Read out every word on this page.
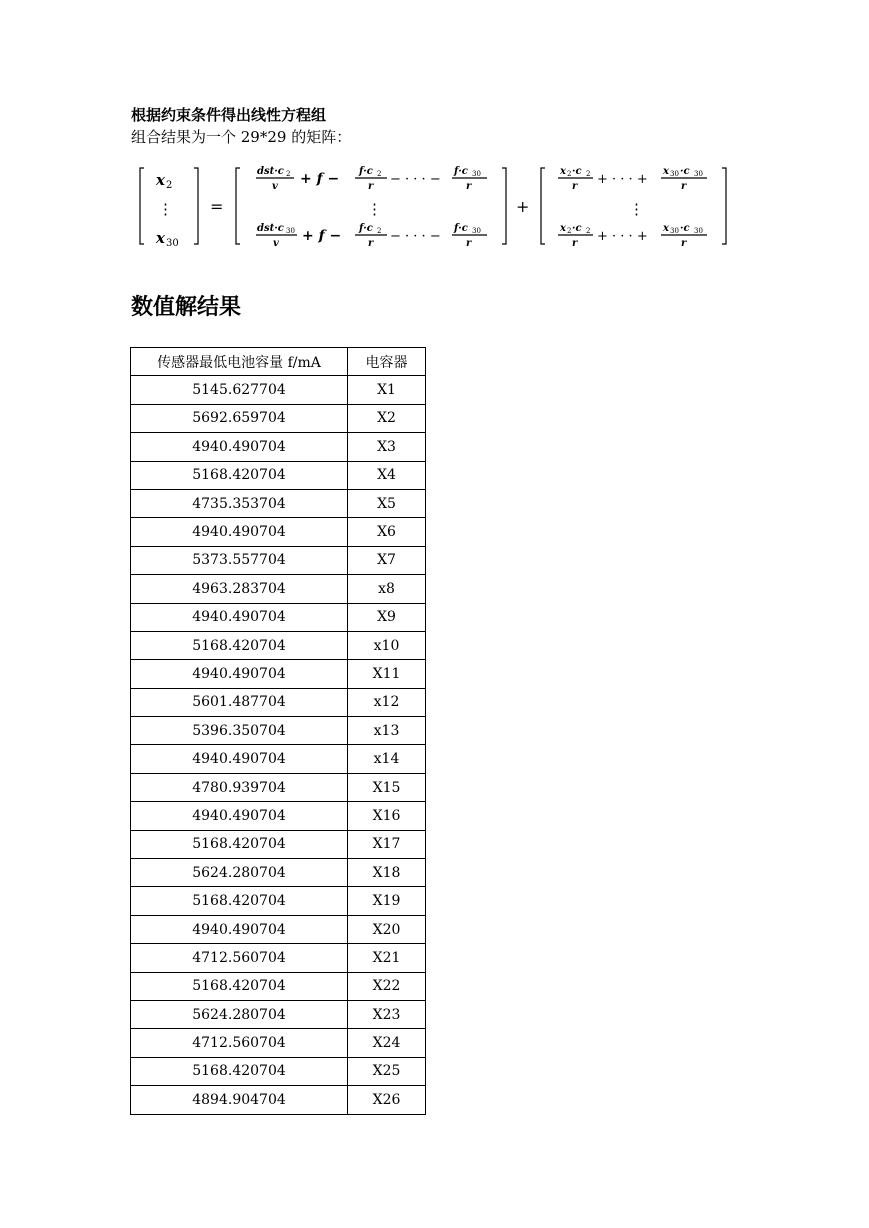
根据约束条件得出线性方程组
组合结果为一个 29*29 的矩阵：
x 2
⋮
x 30
=
dst·c 2
v + f − f·c 2
r − · · · −
f·c 30
r
⋮
dst·c 30
v + f − f·c 2
r − · · · −
f·c 30
r
+
x 2 ·c 2
r + · · · +
x 30 ·c 30
r
⋮
x 2 ·c 2
r + · · · +
x 30 ·c 30
r
数值解结果
传感器最低电池容量 f/mA	电容器
5145.627704	X1
5692.659704	X2
4940.490704	X3
5168.420704	X4
4735.353704	X5
4940.490704	X6
5373.557704	X7
4963.283704	x8
4940.490704	X9
5168.420704	x10
4940.490704	X11
5601.487704	x12
5396.350704	x13
4940.490704	x14
4780.939704	X15
4940.490704	X16
5168.420704	X17
5624.280704	X18
5168.420704	X19
4940.490704	X20
4712.560704	X21
5168.420704	X22
5624.280704	X23
4712.560704	X24
5168.420704	X25
4894.904704	X26
